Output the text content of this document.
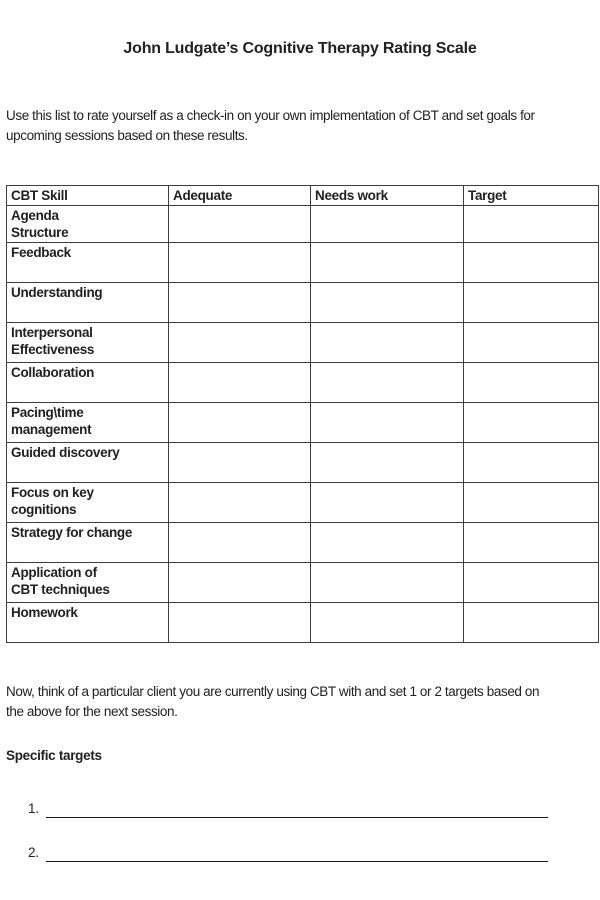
John Ludgate’s Cognitive Therapy Rating Scale

Use this list to rate yourself as a check-in on your own implementation of CBT and set goals for
upcoming sessions based on these results.

CBT Skill	Adequate	Needs work	Target

Agenda
Structure			

Feedback			

Understanding			

Interpersonal
Effectiveness			

Collaboration			

Pacing\time
management			

Guided discovery			

Focus on key
cognitions			

Strategy for change			

Application of
CBT techniques			

Homework			

Now, think of a particular client you are currently using CBT with and set 1 or 2 targets based on
the above for the next session.

Specific targets
1.
2.
